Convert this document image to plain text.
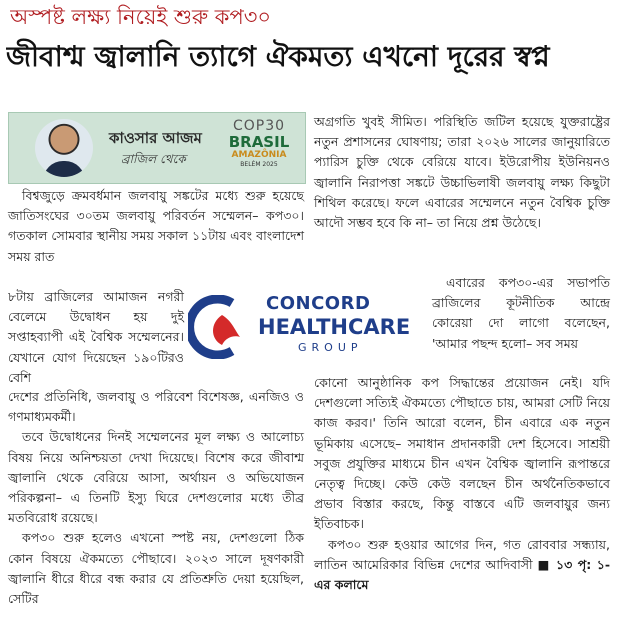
অস্পষ্ট লক্ষ্য নিয়েই শুরু কপ৩০
জীবাশ্ম জ্বালানি ত্যাগে ঐকমত্য এখনো দূরের স্বপ্ন
কাওসার আজম
ব্রাজিল থেকে
COP30
BRASIL
AMAZÔNIA
BELÉM 2025

বিশ্বজুড়ে ক্রমবর্ধমান জলবায়ু সঙ্কটের মধ্যে শুরু হয়েছে জাতিসংঘের ৩০তম জলবায়ু পরিবর্তন সম্মেলন– কপ৩০। গতকাল সোমবার স্থানীয় সময় সকাল ১১টায় এবং বাংলাদেশ সময় রাত

৮টায় ব্রাজিলের আমাজন নগরী বেলেমে উদ্বোধন হয় দুই সপ্তাহব্যাপী এই বৈশ্বিক সম্মেলনের। যেখানে যোগ দিয়েছেন ১৯০টিরও বেশি

দেশের প্রতিনিধি, জলবায়ু ও পরিবেশ বিশেষজ্ঞ, এনজিও ও গণমাধ্যমকর্মী।

তবে উদ্বোধনের দিনই সম্মেলনের মূল লক্ষ্য ও আলোচ্য বিষয় নিয়ে অনিশ্চয়তা দেখা দিয়েছে। বিশেষ করে জীবাশ্ম জ্বালানি থেকে বেরিয়ে আসা, অর্থায়ন ও অভিযোজন পরিকল্পনা– এ তিনটি ইস্যু ঘিরে দেশগুলোর মধ্যে তীব্র মতবিরোধ রয়েছে।

কপ৩০ শুরু হলেও এখনো স্পষ্ট নয়, দেশগুলো ঠিক কোন বিষয়ে ঐকমত্যে পৌছাবে। ২০২৩ সালে দূষণকারী জ্বালানি ধীরে ধীরে বন্ধ করার যে প্রতিশ্রুতি দেয়া হয়েছিল, সেটির

অগ্রগতি খুবই সীমিত। পরিস্থিতি জটিল হয়েছে যুক্তরাষ্ট্রের নতুন প্রশাসনের ঘোষণায়; তারা ২০২৬ সালের জানুয়ারিতে প্যারিস চুক্তি থেকে বেরিয়ে যাবে। ইউরোপীয় ইউনিয়নও জ্বালানি নিরাপত্তা সঙ্কটে উচ্চাভিলাষী জলবায়ু লক্ষ্য কিছুটা শিথিল করেছে। ফলে এবারের সম্মেলনে নতুন বৈশ্বিক চুক্তি আদৌ সম্ভব হবে কি না– তা নিয়ে প্রশ্ন উঠেছে।

এবারের কপ৩০-এর সভাপতি ব্রাজিলের কূটনীতিক আন্দ্রে কোরেয়া দো লাগো বলেছেন, 'আমার পছন্দ হলো– সব সময়

কোনো আনুষ্ঠানিক কপ সিদ্ধান্তের প্রয়োজন নেই। যদি দেশগুলো সত্যিই ঐকমত্যে পৌছাতে চায়, আমরা সেটি নিয়ে কাজ করব।' তিনি আরো বলেন, চীন এবারে এক নতুন ভূমিকায় এসেছে– সমাধান প্রদানকারী দেশ হিসেবে। সাশ্রয়ী সবুজ প্রযুক্তির মাধ্যমে চীন এখন বৈশ্বিক জ্বালানি রূপান্তরে নেতৃত্ব দিচ্ছে। কেউ কেউ বলছেন চীন অর্থনৈতিকভাবে প্রভাব বিস্তার করছে, কিন্তু বাস্তবে এটি জলবায়ুর জন্য ইতিবাচক।

কপ৩০ শুরু হওয়ার আগের দিন, গত রোববার সন্ধ্যায়, লাতিন আমেরিকার বিভিন্ন দেশের আদিবাসী ■ ১৩ পৃ: ১-এর কলামে

CONCORD
HEALTHCARE
GROUP
